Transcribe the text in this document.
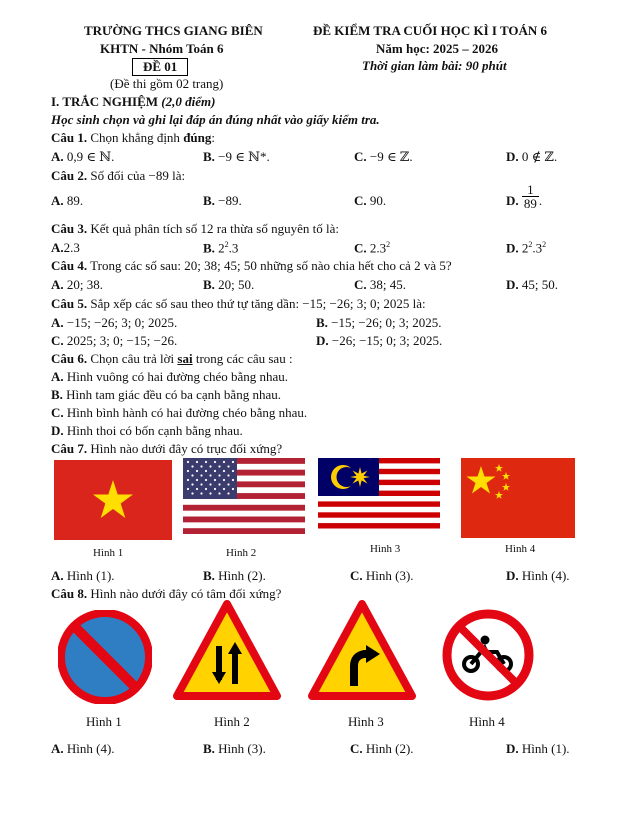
TRƯỜNG THCS GIANG BIÊN
KHTN - Nhóm Toán 6
ĐỀ 01
(Đề thi gồm 02 trang)
ĐỀ KIỂM TRA CUỐI HỌC KÌ I TOÁN 6
Năm học: 2025 – 2026
Thời gian làm bài: 90 phút
I. TRẮC NGHIỆM (2,0 điểm)
Học sinh chọn và ghi lại đáp án đúng nhất vào giấy kiểm tra.
Câu 1. Chọn khẳng định đúng:
A. 0,9 ∈ ℕ.	B. −9 ∈ ℕ*.	C. −9 ∈ ℤ.	D. 0 ∉ ℤ.
Câu 2. Số đối của −89 là:
A. 89.	B. −89.	C. 90.	D. $\frac{1}{89}$ .
Câu 3. Kết quả phân tích số 12 ra thừa số nguyên tố là:
A.2.3	B. $2^2.3$	C. $2.3^2$	D. $2^2.3^2$
Câu 4. Trong các số sau: 20; 38; 45; 50 những số nào chia hết cho cả 2 và 5?
A. 20; 38.	B. 20; 50.	C. 38; 45.	D. 45; 50.
Câu 5. Sắp xếp các số sau theo thứ tự tăng dần: −15; −26; 3; 0; 2025 là:
A. −15; −26; 3; 0; 2025.	B. −15; −26; 0; 3; 2025.
C. 2025; 3; 0; −15; −26.	D. −26; −15; 0; 3; 2025.
Câu 6. Chọn câu trả lời sai trong các câu sau :
A. Hình vuông có hai đường chéo bằng nhau.
B. Hình tam giác đều có ba cạnh bằng nhau.
C. Hình bình hành có hai đường chéo bằng nhau.
D. Hình thoi có bốn cạnh bằng nhau.
Câu 7. Hình nào dưới đây có trục đối xứng?
Hình 1	Hình 2	Hình 3	Hình 4
A. Hình (1).	B. Hình (2).	C. Hình (3).	D. Hình (4).
Câu 8. Hình nào dưới đây có tâm đối xứng?
Hình 1	Hình 2	Hình 3	Hình 4
A. Hình (4).	B. Hình (3).	C. Hình (2).	D. Hình (1).
